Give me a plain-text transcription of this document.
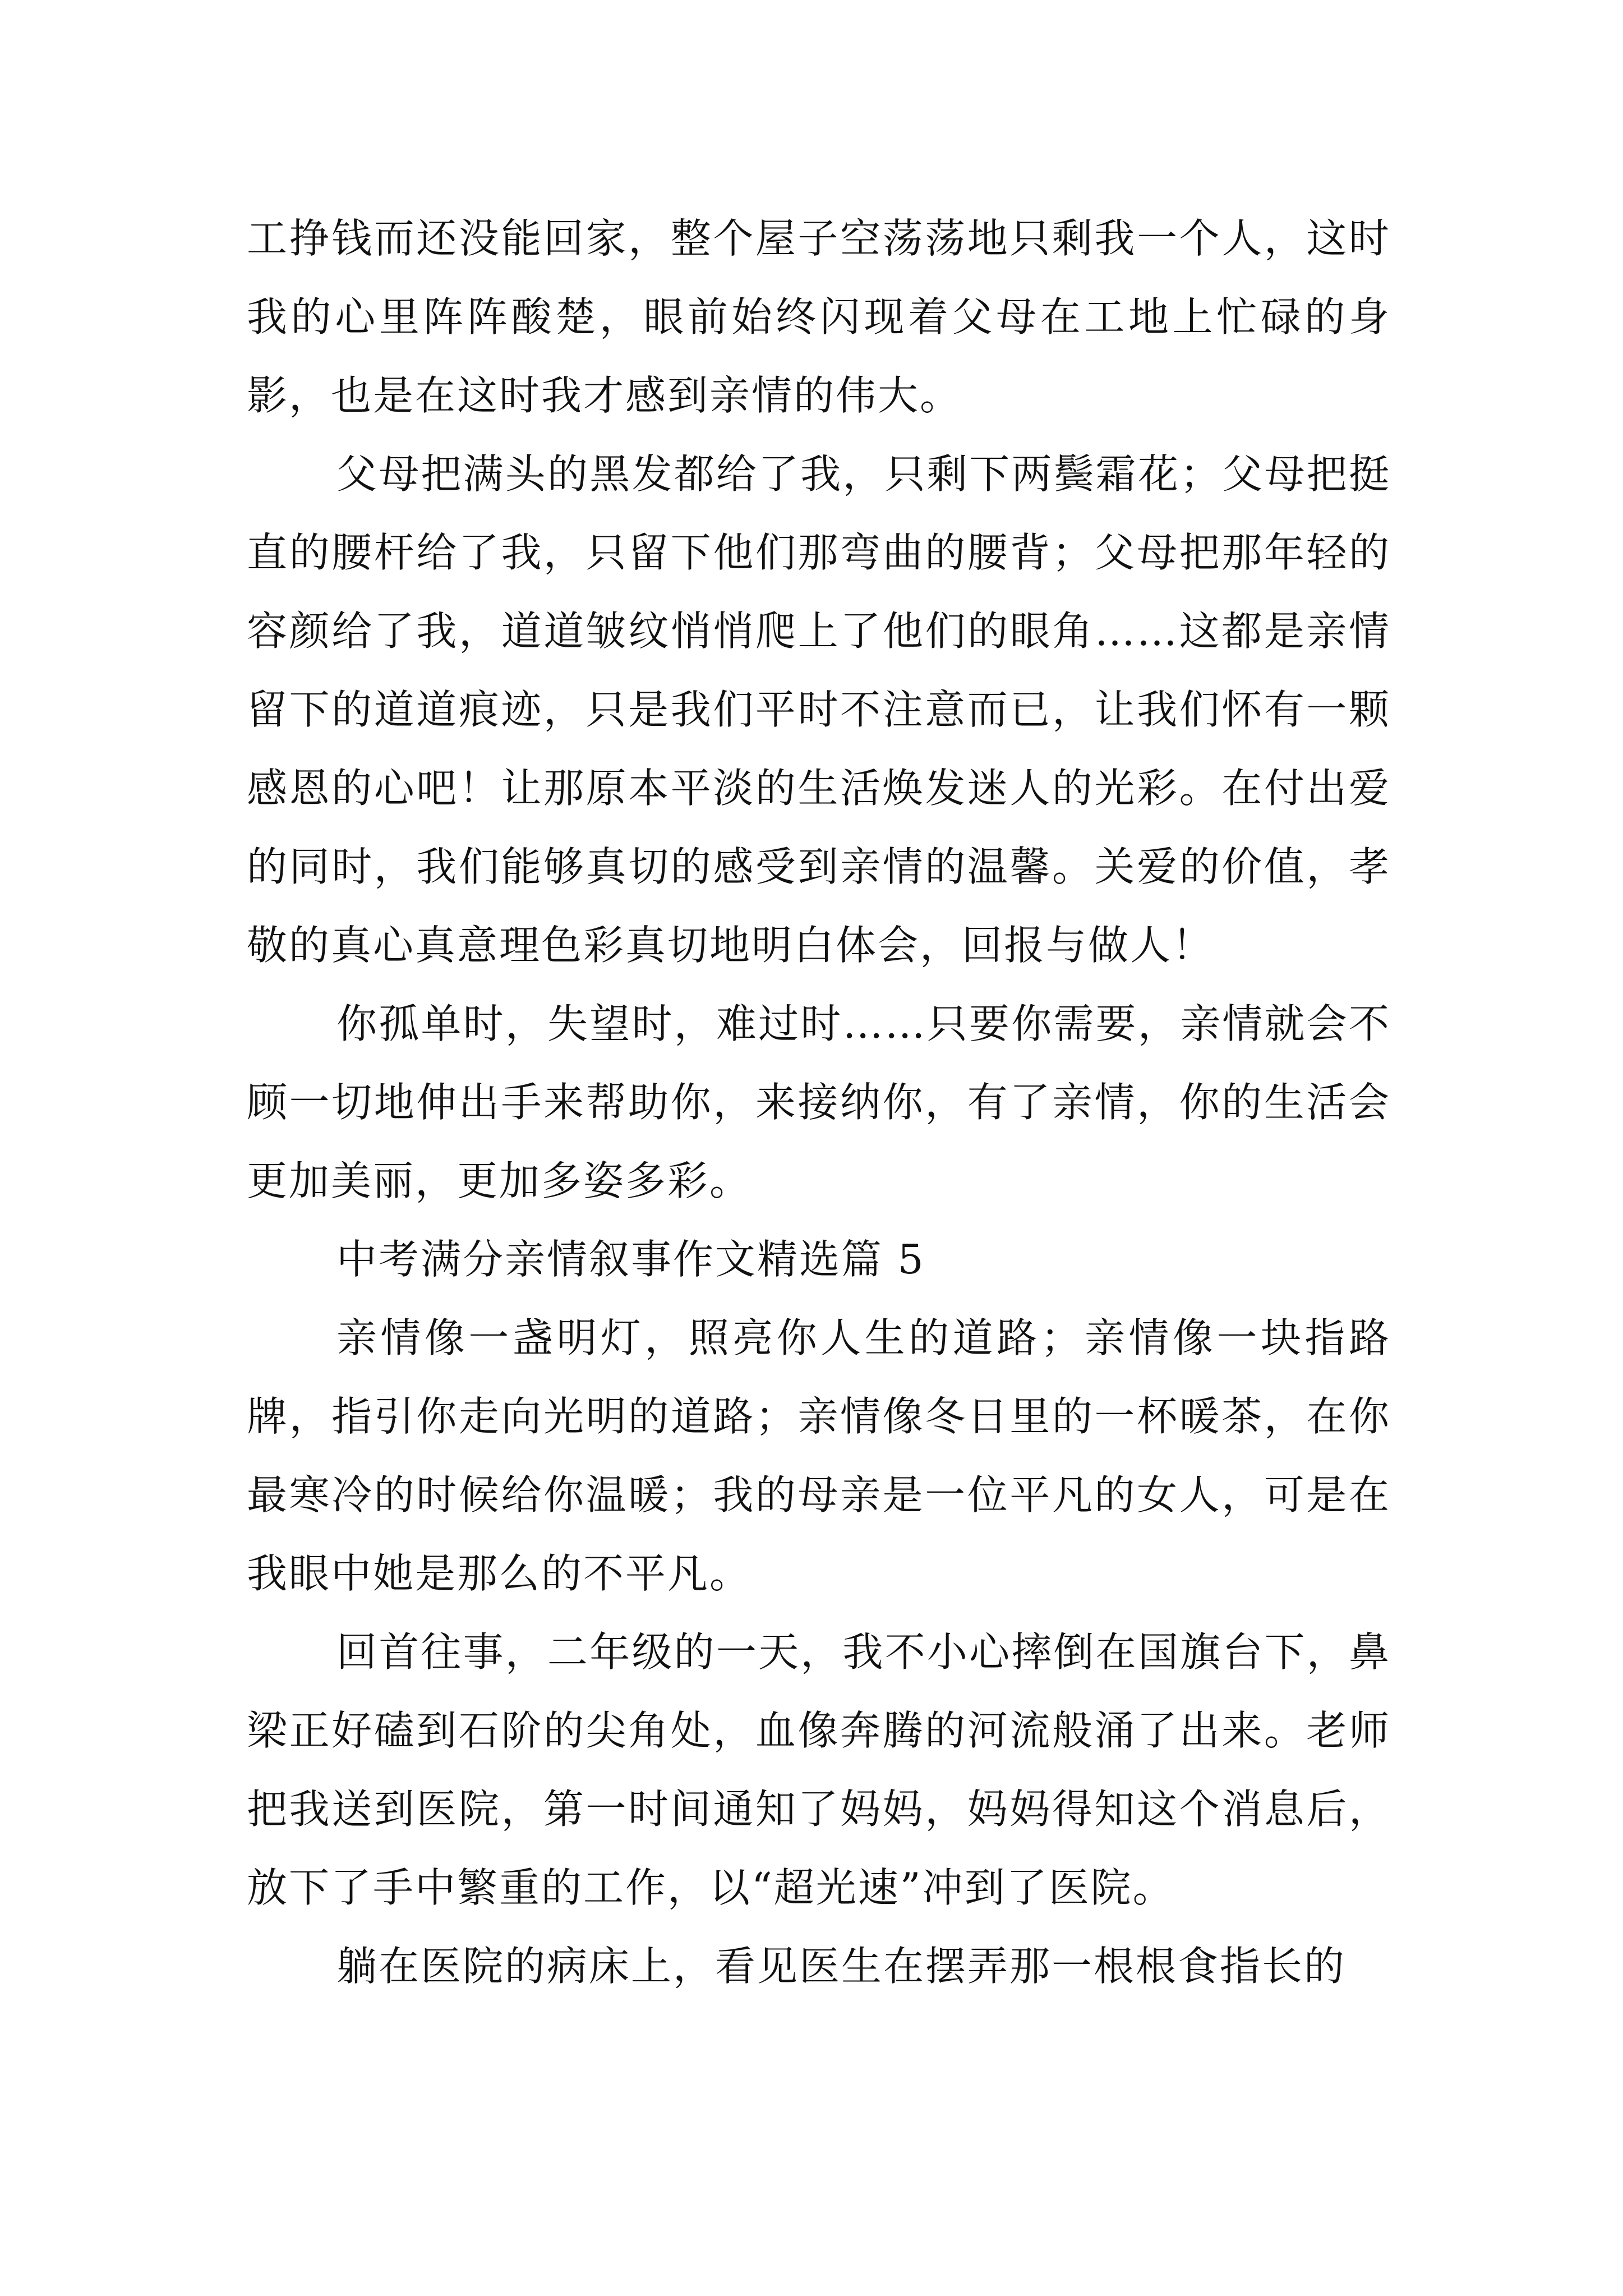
工挣钱而还没能回家，整个屋子空荡荡地只剩我一个人，这时我的心里阵阵酸楚，眼前始终闪现着父母在工地上忙碌的身影，也是在这时我才感到亲情的伟大。

父母把满头的黑发都给了我，只剩下两鬓霜花；父母把挺直的腰杆给了我，只留下他们那弯曲的腰背；父母把那年轻的容颜给了我，道道皱纹悄悄爬上了他们的眼角……这都是亲情留下的道道痕迹，只是我们平时不注意而已，让我们怀有一颗感恩的心吧！让那原本平淡的生活焕发迷人的光彩。在付出爱的同时，我们能够真切的感受到亲情的温馨。关爱的价值，孝敬的真心真意理色彩真切地明白体会，回报与做人！

你孤单时，失望时，难过时……只要你需要，亲情就会不顾一切地伸出手来帮助你，来接纳你，有了亲情，你的生活会更加美丽，更加多姿多彩。

中考满分亲情叙事作文精选篇 5

亲情像一盏明灯，照亮你人生的道路；亲情像一块指路牌，指引你走向光明的道路；亲情像冬日里的一杯暖茶，在你最寒冷的时候给你温暖；我的母亲是一位平凡的女人，可是在我眼中她是那么的不平凡。

回首往事，二年级的一天，我不小心摔倒在国旗台下，鼻梁正好磕到石阶的尖角处，血像奔腾的河流般涌了出来。老师把我送到医院，第一时间通知了妈妈，妈妈得知这个消息后，放下了手中繁重的工作，以“超光速”冲到了医院。

躺在医院的病床上，看见医生在摆弄那一根根食指长的
